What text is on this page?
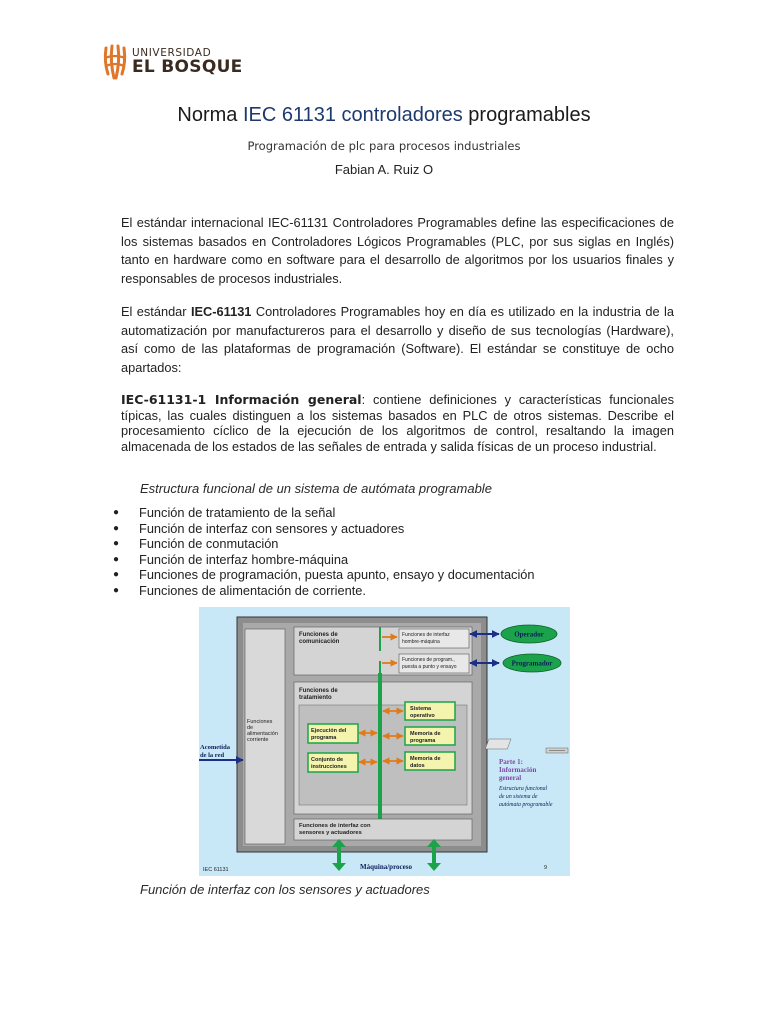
UNIVERSIDAD
EL BOSQUE
Norma IEC 61131 controladores programables
Programación de plc para procesos industriales
Fabian A. Ruiz O

El estándar internacional IEC-61131 Controladores Programables define las especificaciones de los sistemas basados en Controladores Lógicos Programables (PLC, por sus siglas en Inglés) tanto en hardware como en software para el desarrollo de algoritmos por los usuarios finales y responsables de procesos industriales.

El estándar IEC-61131 Controladores Programables hoy en día es utilizado en la industria de la automatización por manufactureros para el desarrollo y diseño de sus tecnologías (Hardware), así como de las plataformas de programación (Software). El estándar se constituye de ocho apartados:

IEC-61131-1 Información general: contiene definiciones y características funcionales típicas, las cuales distinguen a los sistemas basados en PLC de otros sistemas. Describe el procesamiento cíclico de la ejecución de los algoritmos de control, resaltando la imagen almacenada de los estados de las señales de entrada y salida físicas de un proceso industrial.

Estructura funcional de un sistema de autómata programable
●	Función de tratamiento de la señal
●	Función de interfaz con sensores y actuadores
●	Función de conmutación
●	Función de interfaz hombre-máquina
●	Funciones de programación, puesta apunto, ensayo y documentación
●	Funciones de alimentación de corriente.
Funciones
de
alimentación
corriente
Funciones de
comunicación
Funciones de interfaz
hombre-máquina
Funciones de program.,
puesta a punto y ensayo
Operador
Programador
Funciones de
tratamiento
Ejecución del
programa
Conjunto de
instrucciones
Sistema
operativo
Memoria de
programa
Memoria de
datos
Funciones de interfaz con
sensores y actuadores
Acometida
de la red
Máquina/proceso
IEC 61131	9
Parte 1:
Información
general
Estructura funcional
de un sistema de
autómata programable
Función de interfaz con los sensores y actuadores
